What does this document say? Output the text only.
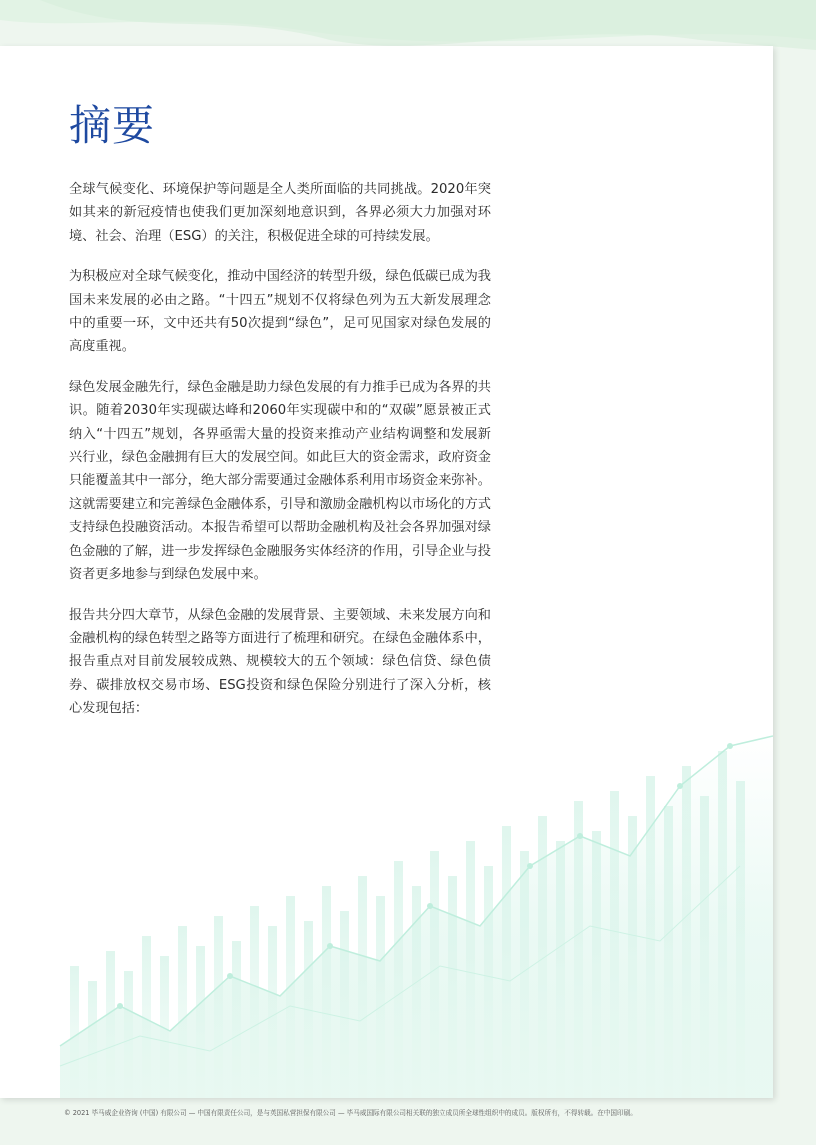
摘要

全球气候变化、环境保护等问题是全人类所面临的共同挑战。2020年突如其来的新冠疫情也使我们更加深刻地意识到，各界必须大力加强对环境、社会、治理（ESG）的关注，积极促进全球的可持续发展。

为积极应对全球气候变化，推动中国经济的转型升级，绿色低碳已成为我国未来发展的必由之路。“十四五”规划不仅将绿色列为五大新发展理念中的重要一环，文中还共有50次提到“绿色”，足可见国家对绿色发展的高度重视。

绿色发展金融先行，绿色金融是助力绿色发展的有力推手已成为各界的共识。随着2030年实现碳达峰和2060年实现碳中和的“双碳”愿景被正式纳入“十四五”规划，各界亟需大量的投资来推动产业结构调整和发展新兴行业，绿色金融拥有巨大的发展空间。如此巨大的资金需求，政府资金只能覆盖其中一部分，绝大部分需要通过金融体系利用市场资金来弥补。这就需要建立和完善绿色金融体系，引导和激励金融机构以市场化的方式支持绿色投融资活动。本报告希望可以帮助金融机构及社会各界加强对绿色金融的了解，进一步发挥绿色金融服务实体经济的作用，引导企业与投资者更多地参与到绿色发展中来。

报告共分四大章节，从绿色金融的发展背景、主要领域、未来发展方向和金融机构的绿色转型之路等方面进行了梳理和研究。在绿色金融体系中，报告重点对目前发展较成熟、规模较大的五个领域：绿色信贷、绿色债券、碳排放权交易市场、ESG投资和绿色保险分别进行了深入分析，核心发现包括：

© 2021 毕马威企业咨询 (中国) 有限公司 — 中国有限责任公司，是与英国私营担保有限公司 — 毕马威国际有限公司相关联的独立成员所全球性组织中的成员。版权所有，不得转载。在中国印刷。
